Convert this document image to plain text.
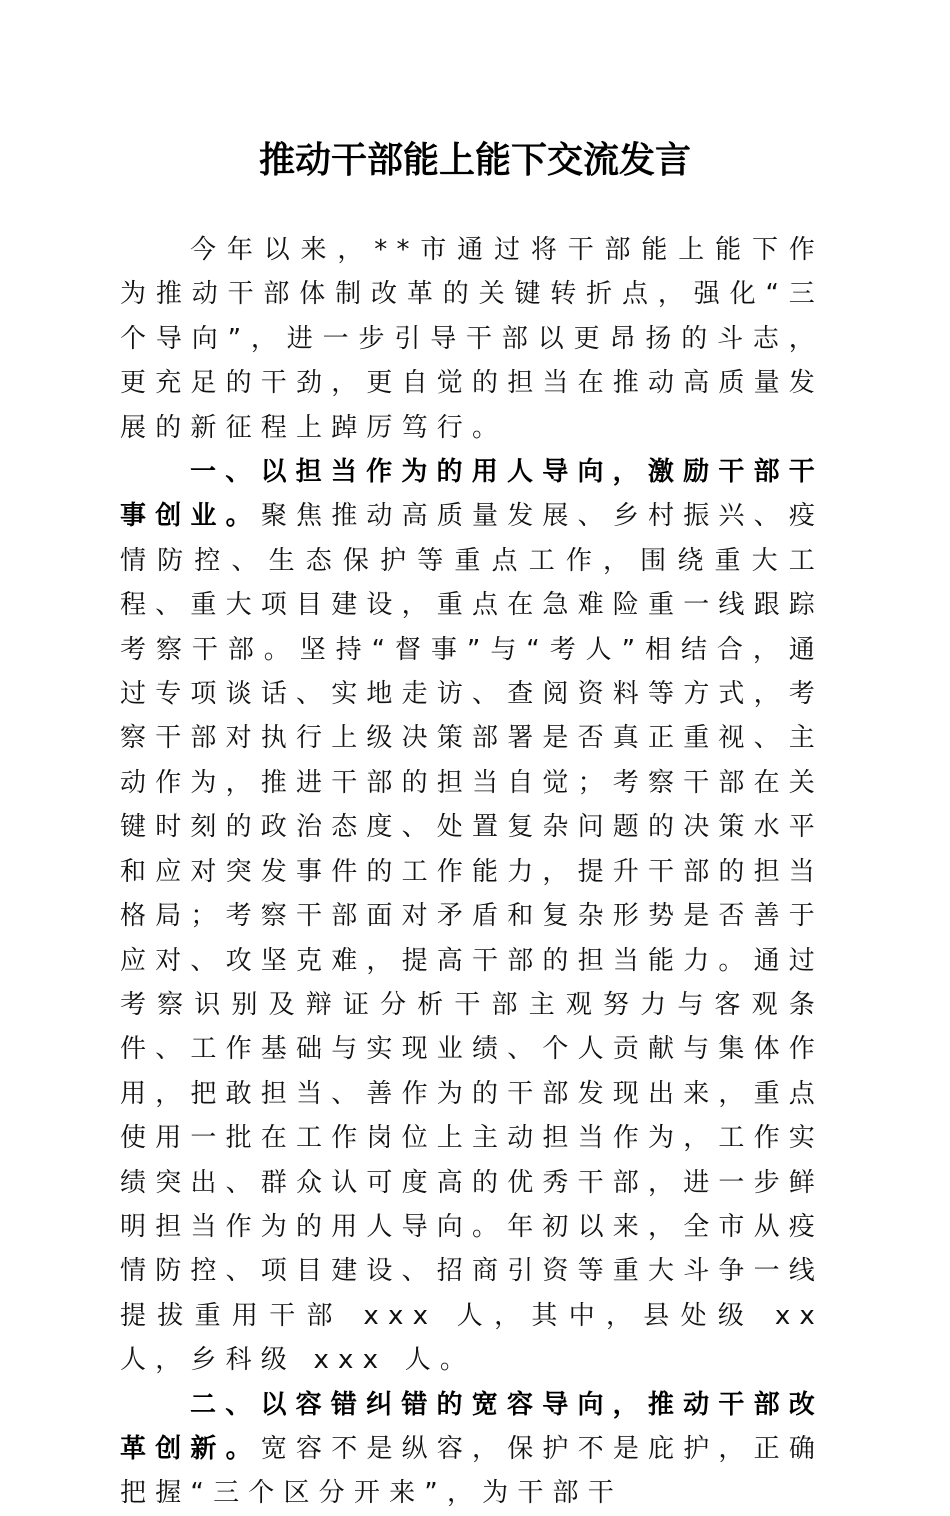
推动干部能上能下交流发言

今年以来，**市通过将干部能上能下作为推动干部体制改革的关键转折点，强化“三个导向”，进一步引导干部以更昂扬的斗志，更充足的干劲，更自觉的担当在推动高质量发展的新征程上踔厉笃行。

一、以担当作为的用人导向，激励干部干事创业。聚焦推动高质量发展、乡村振兴、疫情防控、生态保护等重点工作，围绕重大工程、重大项目建设，重点在急难险重一线跟踪考察干部。坚持“督事”与“考人”相结合，通过专项谈话、实地走访、查阅资料等方式，考察干部对执行上级决策部署是否真正重视、主动作为，推进干部的担当自觉；考察干部在关键时刻的政治态度、处置复杂问题的决策水平和应对突发事件的工作能力，提升干部的担当格局；考察干部面对矛盾和复杂形势是否善于应对、攻坚克难，提高干部的担当能力。通过考察识别及辩证分析干部主观努力与客观条件、工作基础与实现业绩、个人贡献与集体作用，把敢担当、善作为的干部发现出来，重点使用一批在工作岗位上主动担当作为，工作实绩突出、群众认可度高的优秀干部，进一步鲜明担当作为的用人导向。年初以来，全市从疫情防控、项目建设、招商引资等重大斗争一线提拔重用干部 xxx 人，其中，县处级 xx 人，乡科级 xxx 人。

二、以容错纠错的宽容导向，推动干部改革创新。宽容不是纵容，保护不是庇护，正确把握“三个区分开来”，为干部干
